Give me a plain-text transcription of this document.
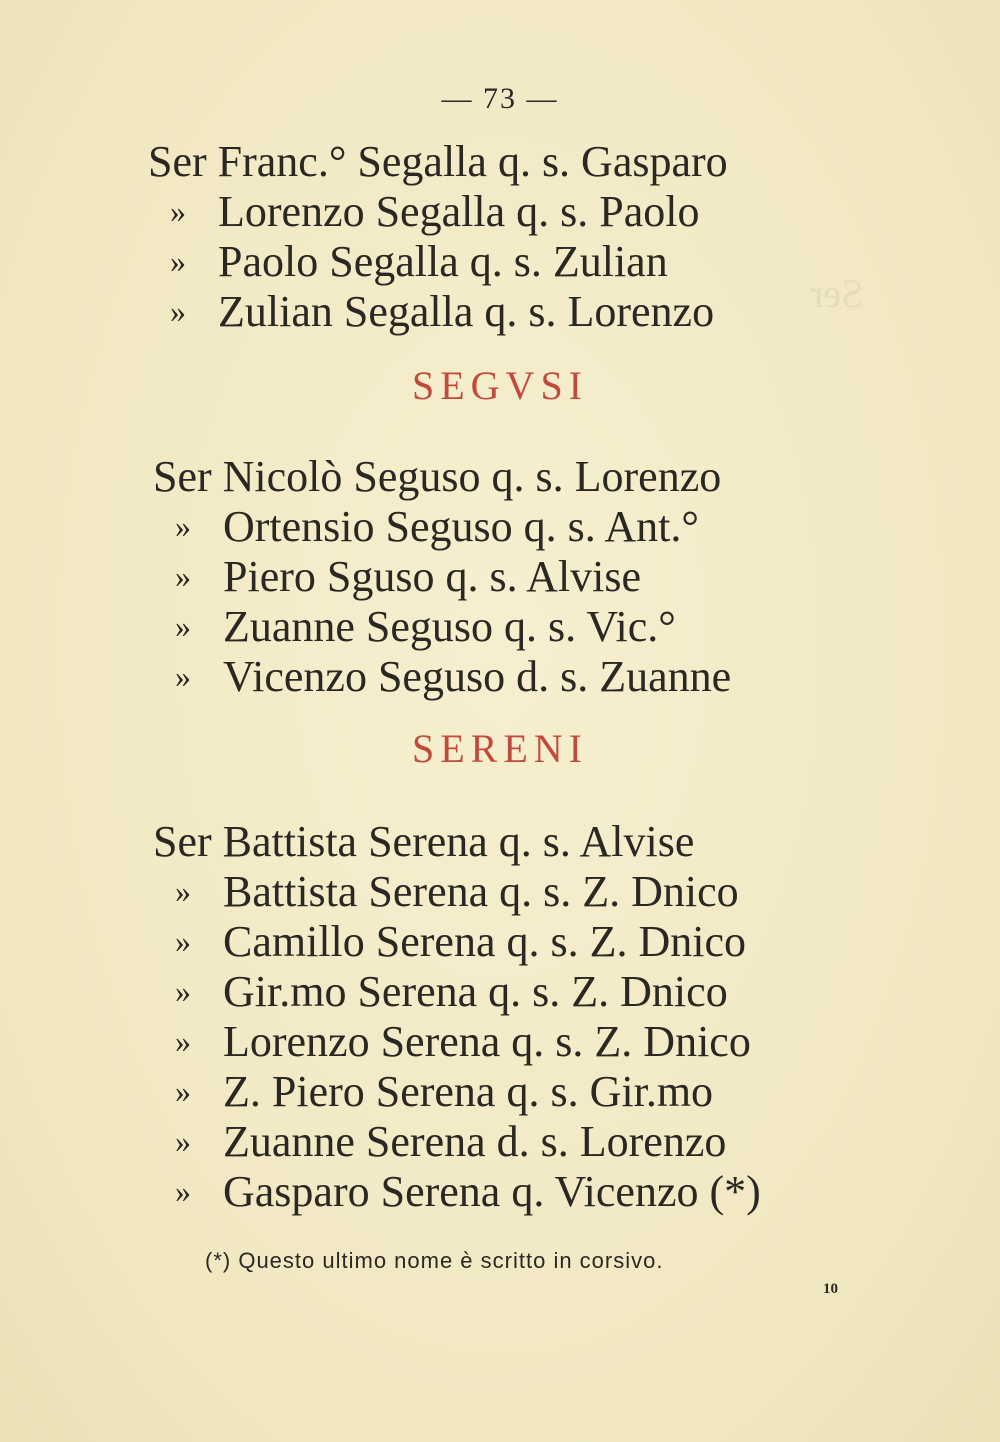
Ser
— 73 —
Ser Franc.° Segalla q. s. Gasparo
» Lorenzo Segalla q. s. Paolo
» Paolo Segalla q. s. Zulian
» Zulian Segalla q. s. Lorenzo
SEGVSI
Ser Nicolò Seguso q. s. Lorenzo
» Ortensio Seguso q. s. Ant.°
» Piero Sguso q. s. Alvise
» Zuanne Seguso q. s. Vic.°
» Vicenzo Seguso d. s. Zuanne
SERENI
Ser Battista Serena q. s. Alvise
» Battista Serena q. s. Z. Dnico
» Camillo Serena q. s. Z. Dnico
» Gir.mo Serena q. s. Z. Dnico
» Lorenzo Serena q. s. Z. Dnico
» Z. Piero Serena q. s. Gir.mo
» Zuanne Serena d. s. Lorenzo
» Gasparo Serena q. Vicenzo (*)
(*) Questo ultimo nome è scritto in corsivo.
10
